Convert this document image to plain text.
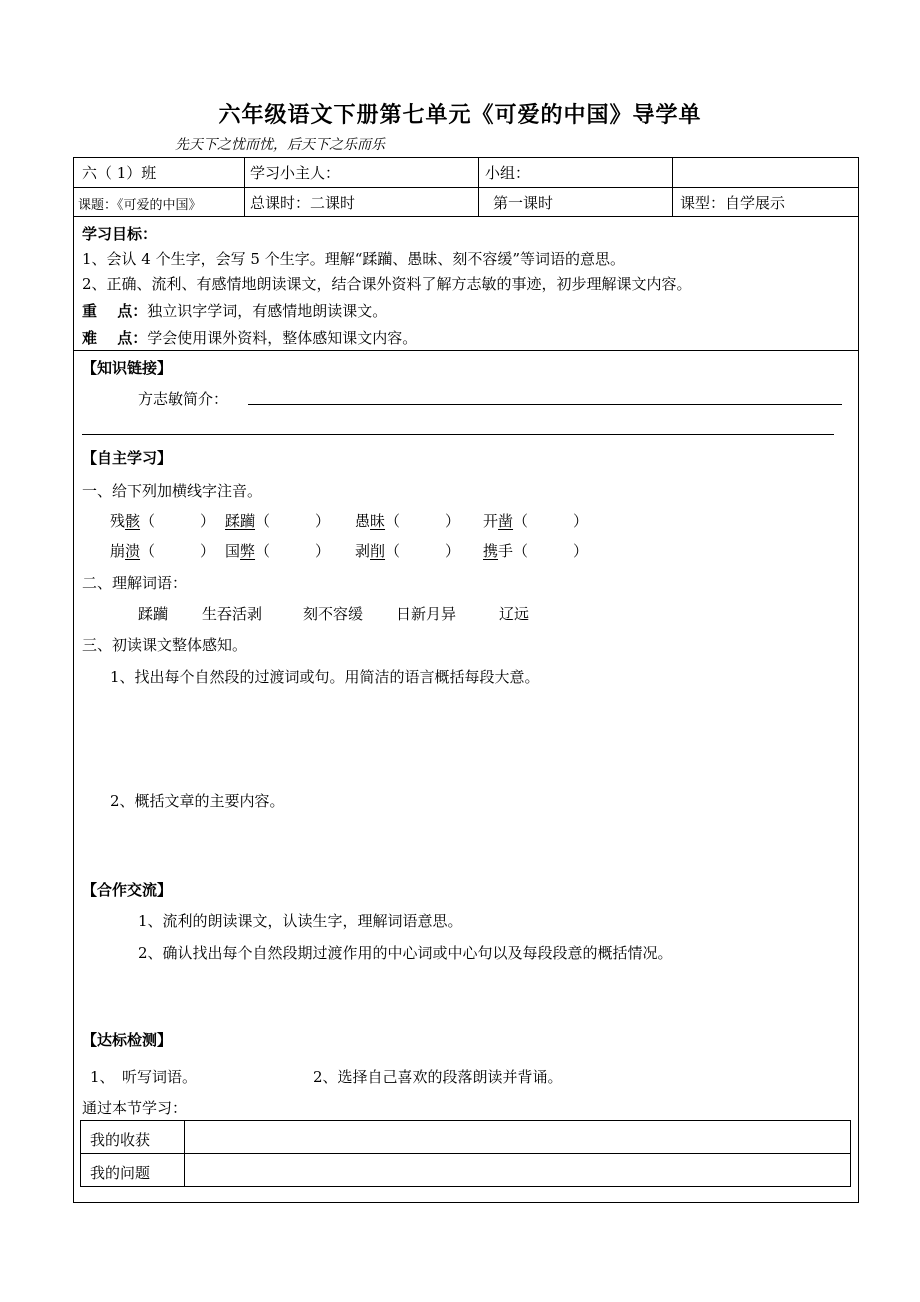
六年级语文下册第七单元《可爱的中国》导学单
先天下之忧而忧，后天下之乐而乐
六（ 1）班	学习小主人：	小组：
课题：《可爱的中国》	总课时：二课时	第一课时	课型：自学展示
学习目标：
1、会认 4 个生字，会写 5 个生字。理解“蹂躏、愚昧、刻不容缓”等词语的意思。
2、正确、流利、有感情地朗读课文，结合课外资料了解方志敏的事迹，初步理解课文内容。
重　 点：独立识字学词，有感情地朗读课文。
难　 点：学会使用课外资料，整体感知课文内容。
【知识链接】
方志敏简介：
【自主学习】
一、给下列加横线字注音。
残骸（　　　） 蹂躏（　　　） 愚昧（　　　） 开凿（　　　）
崩溃（　　　） 国弊（　　　） 剥削（　　　） 携手（　　　）
二、理解词语：
蹂躏 生吞活剥	刻不容缓 日新月异	辽远
三、初读课文整体感知。
1、找出每个自然段的过渡词或句。用简洁的语言概括每段大意。
2、概括文章的主要内容。
【合作交流】
1、流利的朗读课文，认读生字，理解词语意思。
2、确认找出每个自然段期过渡作用的中心词或中心句以及每段段意的概括情况。
【达标检测】
1、　听写词语。	2、选择自己喜欢的段落朗读并背诵。
通过本节学习：
我的收获
我的问题
